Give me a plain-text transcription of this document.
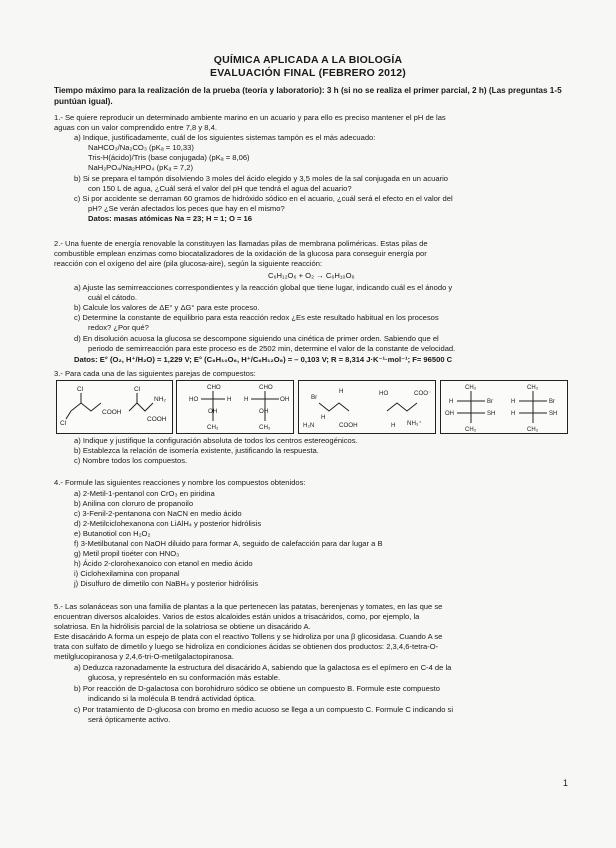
QUÍMICA APLICADA A LA BIOLOGÍA
EVALUACIÓN FINAL (FEBRERO 2012)
Tiempo máximo para la realización de la prueba (teoría y laboratorio): 3 h (si no se realiza el primer parcial, 2 h) (Las preguntas 1-5 puntúan igual).
1.- Se quiere reproducir un determinado ambiente marino en un acuario y para ello es preciso mantener el pH de las
aguas con un valor comprendido entre 7,8 y 8,4.
a) Indique, justificadamente, cuál de los siguientes sistemas tampón es el más adecuado:
NaHCO₃/Na₂CO₃ (pKₐ = 10,33)
Tris-H(ácido)/Tris (base conjugada) (pKₐ = 8,06)
NaH₂PO₄/Na₂HPO₄ (pKₐ = 7,2)
b) Si se prepara el tampón disolviendo 3 moles del ácido elegido y 3,5 moles de la sal conjugada en un acuario
con 150 L de agua, ¿Cuál será el valor del pH que tendrá el agua del acuario?
c) Si por accidente se derraman 60 gramos de hidróxido sódico en el acuario, ¿cuál será el efecto en el valor del
pH? ¿Se verán afectados los peces que hay en el mismo?
Datos: masas atómicas Na = 23; H = 1; O = 16
2.- Una fuente de energía renovable la constituyen las llamadas pilas de membrana poliméricas. Estas pilas de
combustible emplean enzimas como biocatalizadores de la oxidación de la glucosa para conseguir energía por
reacción con el oxígeno del aire (pila glucosa-aire), según la siguiente reacción:
C₆H₁₂O₆ + O₂ → C₆H₁₀O₆
a) Ajuste las semirreacciones correspondientes y la reacción global que tiene lugar, indicando cuál es el ánodo y
cuál el cátodo.
b) Calcule los valores de ΔE° y ΔG° para este proceso.
c) Determine la constante de equilibrio para esta reacción redox ¿Es este resultado habitual en los procesos
redox? ¿Por qué?
d) En disolución acuosa la glucosa se descompone siguiendo una cinética de primer orden. Sabiendo que el
periodo de semirreacción para este proceso es de 2502 min, determine el valor de la constante de velocidad.
Datos: E° (O₂, H⁺/H₂O) = 1,229 V; E° (C₆H₁₀O₆, H⁺/C₆H₁₂O₆) = – 0,103 V; R = 8,314 J·K⁻¹·mol⁻¹; F= 96500 C
3.- Para cada una de las siguientes parejas de compuestos:
Cl
Cl
Cl
COOH
NH₂
COOH
CHO
HO	H
OH
CH₃
CHO
H	OH
OH
CH₃
Br
H
H
H₂N	COOH
HO	COO⁻
H NH₃⁺
CH₃
H	Br
OH	SH
CH₃
CH₃
H	Br
H	SH
CH₃
a) Indique y justifique la configuración absoluta de todos los centros estereogénicos.
b) Establezca la relación de isomería existente, justificando la respuesta.
c) Nombre todos los compuestos.
4.- Formule las siguientes reacciones y nombre los compuestos obtenidos:
a) 2-Metil-1-pentanol con CrO₃ en piridina
b) Anilina con cloruro de propanoilo
c) 3-Fenil-2-pentanona con NaCN en medio ácido
d) 2-Metilciclohexanona con LiAlH₄ y posterior hidrólisis
e) Butanotiol con H₂O₂
f) 3-Metilbutanal con NaOH diluido para formar A, seguido de calefacción para dar lugar a B
g) Metil propil tioéter con HNO₃
h) Ácido 2-clorohexanoico con etanol en medio ácido
i) Ciclohexilamina con propanal
j) Disulfuro de dimetilo con NaBH₄ y posterior hidrólisis
5.- Las solanáceas son una familia de plantas a la que pertenecen las patatas, berenjenas y tomates, en las que se
encuentran diversos alcaloides. Varios de estos alcaloides están unidos a trisacáridos, como, por ejemplo, la
solatriosa. En la hidrólisis parcial de la solatriosa se obtiene un disacárido A.
Este disacárido A forma un espejo de plata con el reactivo Tollens y se hidroliza por una β glicosidasa. Cuando A se
trata con sulfato de dimetilo y luego se hidroliza en condiciones ácidas se obtienen dos productos: 2,3,4,6-tetra-O-
metilglucopiranosa y 2,4,6-tri-O-metilgalactopiranosa.
a) Deduzca razonadamente la estructura del disacárido A, sabiendo que la galactosa es el epímero en C-4 de la
glucosa, y represéntelo en su conformación más estable.
b) Por reacción de D-galactosa con borohidruro sódico se obtiene un compuesto B. Formule este compuesto
indicando si la molécula B tendrá actividad óptica.
c) Por tratamiento de D-glucosa con bromo en medio acuoso se llega a un compuesto C. Formule C indicando si
será ópticamente activo.
1
